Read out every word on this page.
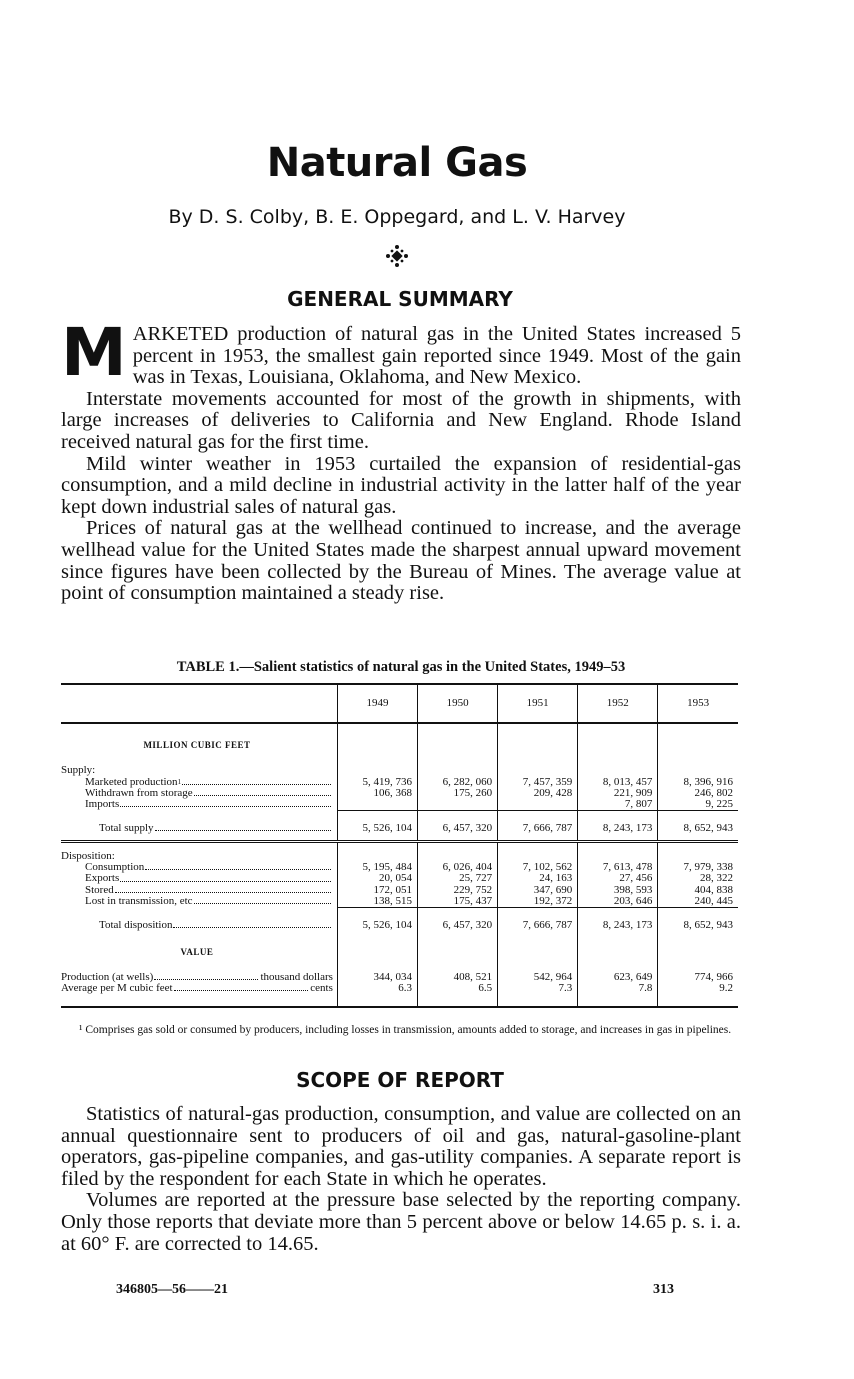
Natural Gas
By D. S. Colby, B. E. Oppegard, and L. V. Harvey
GENERAL SUMMARY

MARKETED production of natural gas in the United States increased 5 percent in 1953, the smallest gain reported since 1949. Most of the gain was in Texas, Louisiana, Oklahoma, and New Mexico.

Interstate movements accounted for most of the growth in shipments, with large increases of deliveries to California and New England. Rhode Island received natural gas for the first time.

Mild winter weather in 1953 curtailed the expansion of residential-gas consumption, and a mild decline in industrial activity in the latter half of the year kept down industrial sales of natural gas.

Prices of natural gas at the wellhead continued to increase, and the average wellhead value for the United States made the sharpest annual upward movement since figures have been collected by the Bureau of Mines. The average value at point of consumption maintained a steady rise.

TABLE 1.—Salient statistics of natural gas in the United States, 1949–53
	1949	1950	1951	1952	1953
MILLION CUBIC FEET					
Supply:					

Marketed production 1	5, 419, 736	6, 282, 060	7, 457, 359	8, 013, 457	8, 396, 916

Withdrawn from storage	106, 368	175, 260	209, 428	221, 909	246, 802

Imports				7, 807	9, 225

Total supply	5, 526, 104	6, 457, 320	7, 666, 787	8, 243, 173	8, 652, 943
Disposition:					

Consumption	5, 195, 484	6, 026, 404	7, 102, 562	7, 613, 478	7, 979, 338

Exports	20, 054	25, 727	24, 163	27, 456	28, 322

Stored	172, 051	229, 752	347, 690	398, 593	404, 838

Lost in transmission, etc	138, 515	175, 437	192, 372	203, 646	240, 445

Total disposition	5, 526, 104	6, 457, 320	7, 666, 787	8, 243, 173	8, 652, 943
VALUE					

Production (at wells) thousand dollars	344, 034	408, 521	542, 964	623, 649	774, 966

Average per M cubic feet cents	6.3	6.5	7.3	7.8	9.2
¹ Comprises gas sold or consumed by producers, including losses in transmission, amounts added to storage, and increases in gas in pipelines.
SCOPE OF REPORT

Statistics of natural-gas production, consumption, and value are collected on an annual questionnaire sent to producers of oil and gas, natural-gasoline-plant operators, gas-pipeline companies, and gas-utility companies. A separate report is filed by the respondent for each State in which he operates.

Volumes are reported at the pressure base selected by the reporting company. Only those reports that deviate more than 5 percent above or below 14.65 p. s. i. a. at 60° F. are corrected to 14.65.

346805—56——21	313
